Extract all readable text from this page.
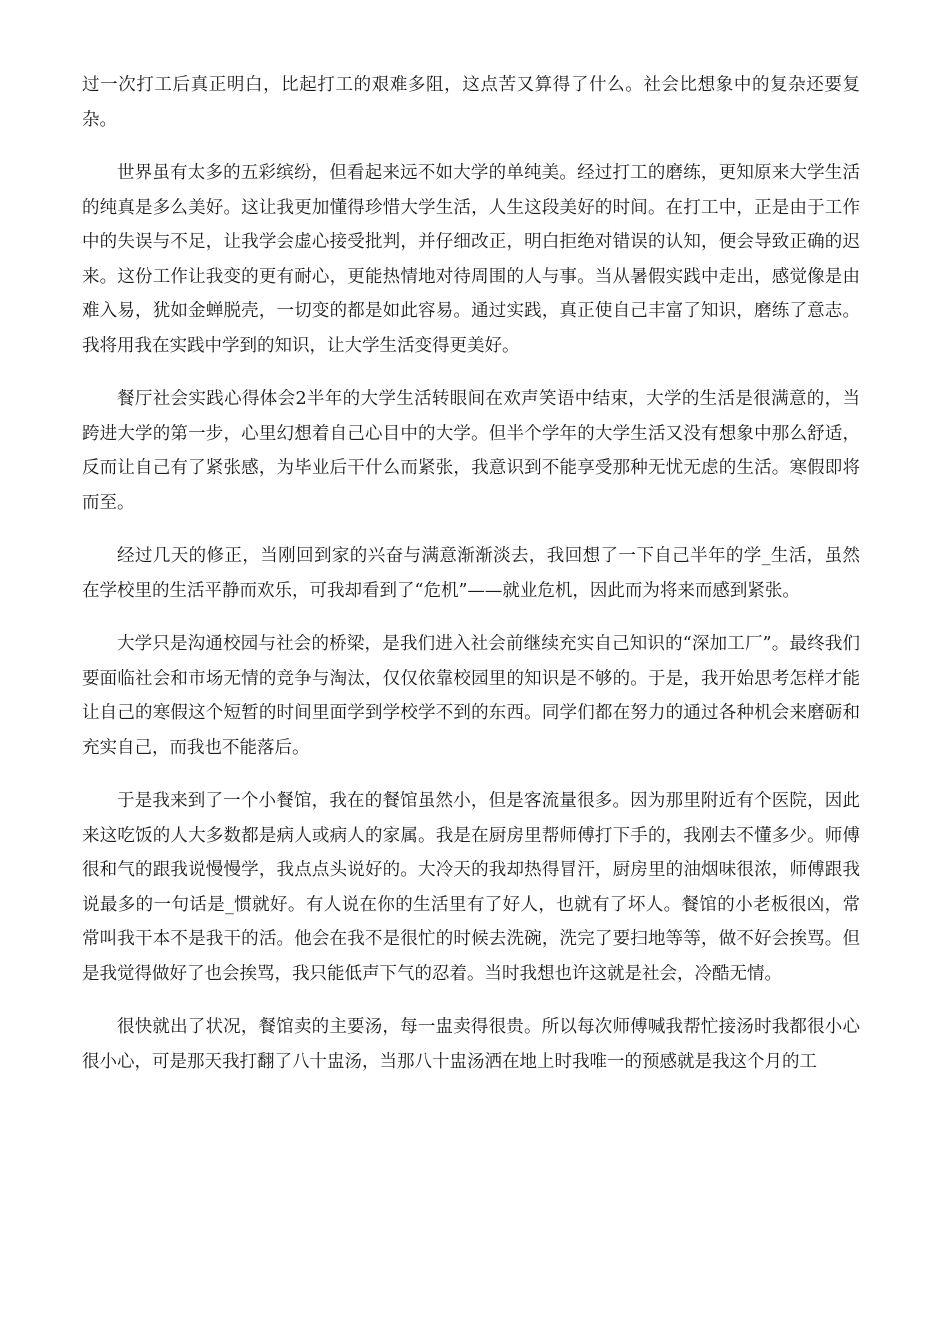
过一次打工后真正明白，比起打工的艰难多阻，这点苦又算得了什么。社会比想象中的复杂还要复杂。

世界虽有太多的五彩缤纷，但看起来远不如大学的单纯美。经过打工的磨练，更知原来大学生活的纯真是多么美好。这让我更加懂得珍惜大学生活，人生这段美好的时间。在打工中，正是由于工作中的失误与不足，让我学会虚心接受批判，并仔细改正，明白拒绝对错误的认知，便会导致正确的迟来。这份工作让我变的更有耐心，更能热情地对待周围的人与事。当从暑假实践中走出，感觉像是由难入易，犹如金蝉脱壳，一切变的都是如此容易。通过实践，真正使自己丰富了知识，磨练了意志。我将用我在实践中学到的知识，让大学生活变得更美好。

餐厅社会实践心得体会2半年的大学生活转眼间在欢声笑语中结束，大学的生活是很满意的，当跨进大学的第一步，心里幻想着自己心目中的大学。但半个学年的大学生活又没有想象中那么舒适，反而让自己有了紧张感，为毕业后干什么而紧张，我意识到不能享受那种无忧无虑的生活。寒假即将而至。

经过几天的修正，当刚回到家的兴奋与满意渐渐淡去，我回想了一下自己半年的学_生活，虽然在学校里的生活平静而欢乐，可我却看到了“危机”——就业危机，因此而为将来而感到紧张。

大学只是沟通校园与社会的桥梁，是我们进入社会前继续充实自己知识的“深加工厂”。最终我们要面临社会和市场无情的竞争与淘汰，仅仅依靠校园里的知识是不够的。于是，我开始思考怎样才能让自己的寒假这个短暂的时间里面学到学校学不到的东西。同学们都在努力的通过各种机会来磨砺和充实自己，而我也不能落后。

于是我来到了一个小餐馆，我在的餐馆虽然小，但是客流量很多。因为那里附近有个医院，因此来这吃饭的人大多数都是病人或病人的家属。我是在厨房里帮师傅打下手的，我刚去不懂多少。师傅很和气的跟我说慢慢学，我点点头说好的。大冷天的我却热得冒汗，厨房里的油烟味很浓，师傅跟我说最多的一句话是_惯就好。有人说在你的生活里有了好人，也就有了坏人。餐馆的小老板很凶，常常叫我干本不是我干的活。他会在我不是很忙的时候去洗碗，洗完了要扫地等等，做不好会挨骂。但是我觉得做好了也会挨骂，我只能低声下气的忍着。当时我想也许这就是社会，冷酷无情。

很快就出了状况，餐馆卖的主要汤，每一盅卖得很贵。所以每次师傅喊我帮忙接汤时我都很小心很小心，可是那天我打翻了八十盅汤，当那八十盅汤洒在地上时我唯一的预感就是我这个月的工
